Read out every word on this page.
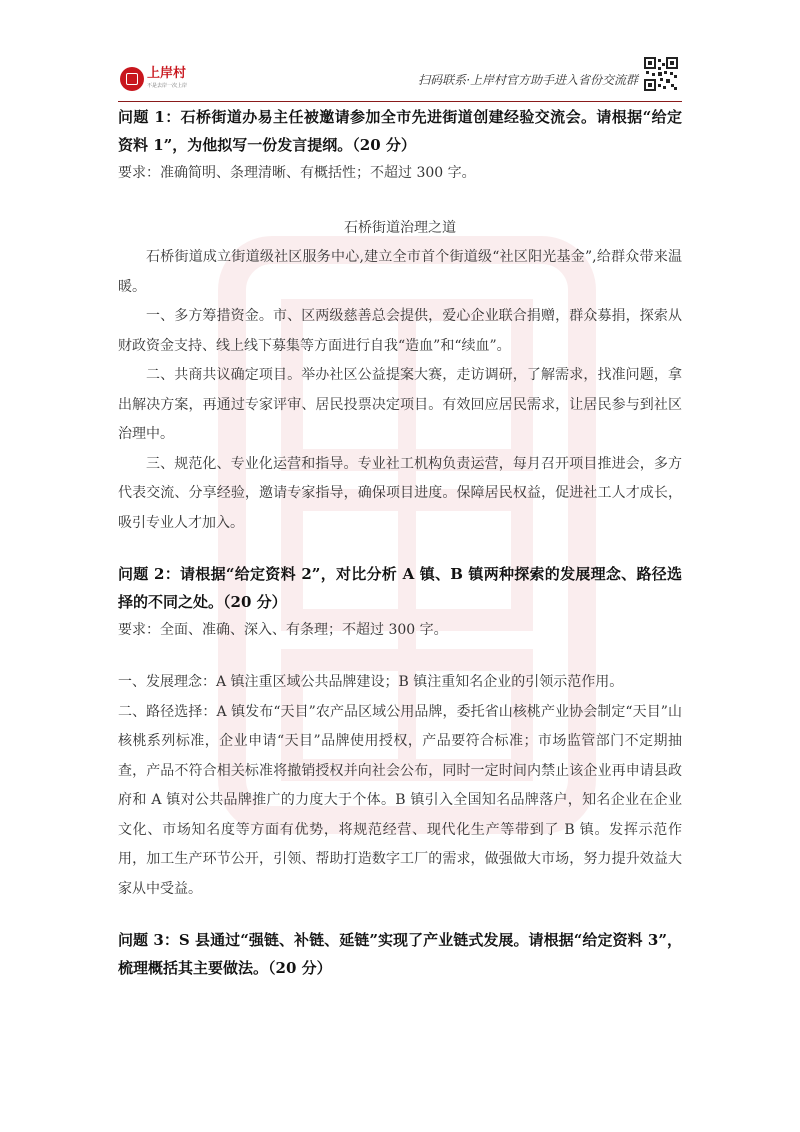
上岸村
不是去岸一次上岸	扫码联系·上岸村官方助手进入省份交流群

问题 1：石桥街道办易主任被邀请参加全市先进街道创建经验交流会。请根据“给定资料 1”，为他拟写一份发言提纲。（20 分）

要求：准确简明、条理清晰、有概括性；不超过 300 字。

石桥街道治理之道

石桥街道成立街道级社区服务中心,建立全市首个街道级“社区阳光基金”,给群众带来温暖。

一、多方筹措资金。市、区两级慈善总会提供，爱心企业联合捐赠，群众募捐，探索从财政资金支持、线上线下募集等方面进行自我“造血”和“续血”。

二、共商共议确定项目。举办社区公益提案大赛，走访调研，了解需求，找准问题，拿出解决方案，再通过专家评审、居民投票决定项目。有效回应居民需求，让居民参与到社区治理中。

三、规范化、专业化运营和指导。专业社工机构负责运营，每月召开项目推进会，多方代表交流、分享经验，邀请专家指导，确保项目进度。保障居民权益，促进社工人才成长，吸引专业人才加入。

问题 2：请根据“给定资料 2”，对比分析 A 镇、B 镇两种探索的发展理念、路径选择的不同之处。（20 分）

要求：全面、准确、深入、有条理；不超过 300 字。

一、发展理念：A 镇注重区域公共品牌建设；B 镇注重知名企业的引领示范作用。

二、路径选择：A 镇发布“天目”农产品区域公用品牌，委托省山核桃产业协会制定“天目”山核桃系列标准，企业申请“天目”品牌使用授权，产品要符合标准；市场监管部门不定期抽查，产品不符合相关标准将撤销授权并向社会公布，同时一定时间内禁止该企业再申请县政府和 A 镇对公共品牌推广的力度大于个体。B 镇引入全国知名品牌落户，知名企业在企业文化、市场知名度等方面有优势，将规范经营、现代化生产等带到了 B 镇。发挥示范作用，加工生产环节公开，引领、帮助打造数字工厂的需求，做强做大市场，努力提升效益大家从中受益。

问题 3：S 县通过“强链、补链、延链”实现了产业链式发展。请根据“给定资料 3”，梳理概括其主要做法。（20 分）
